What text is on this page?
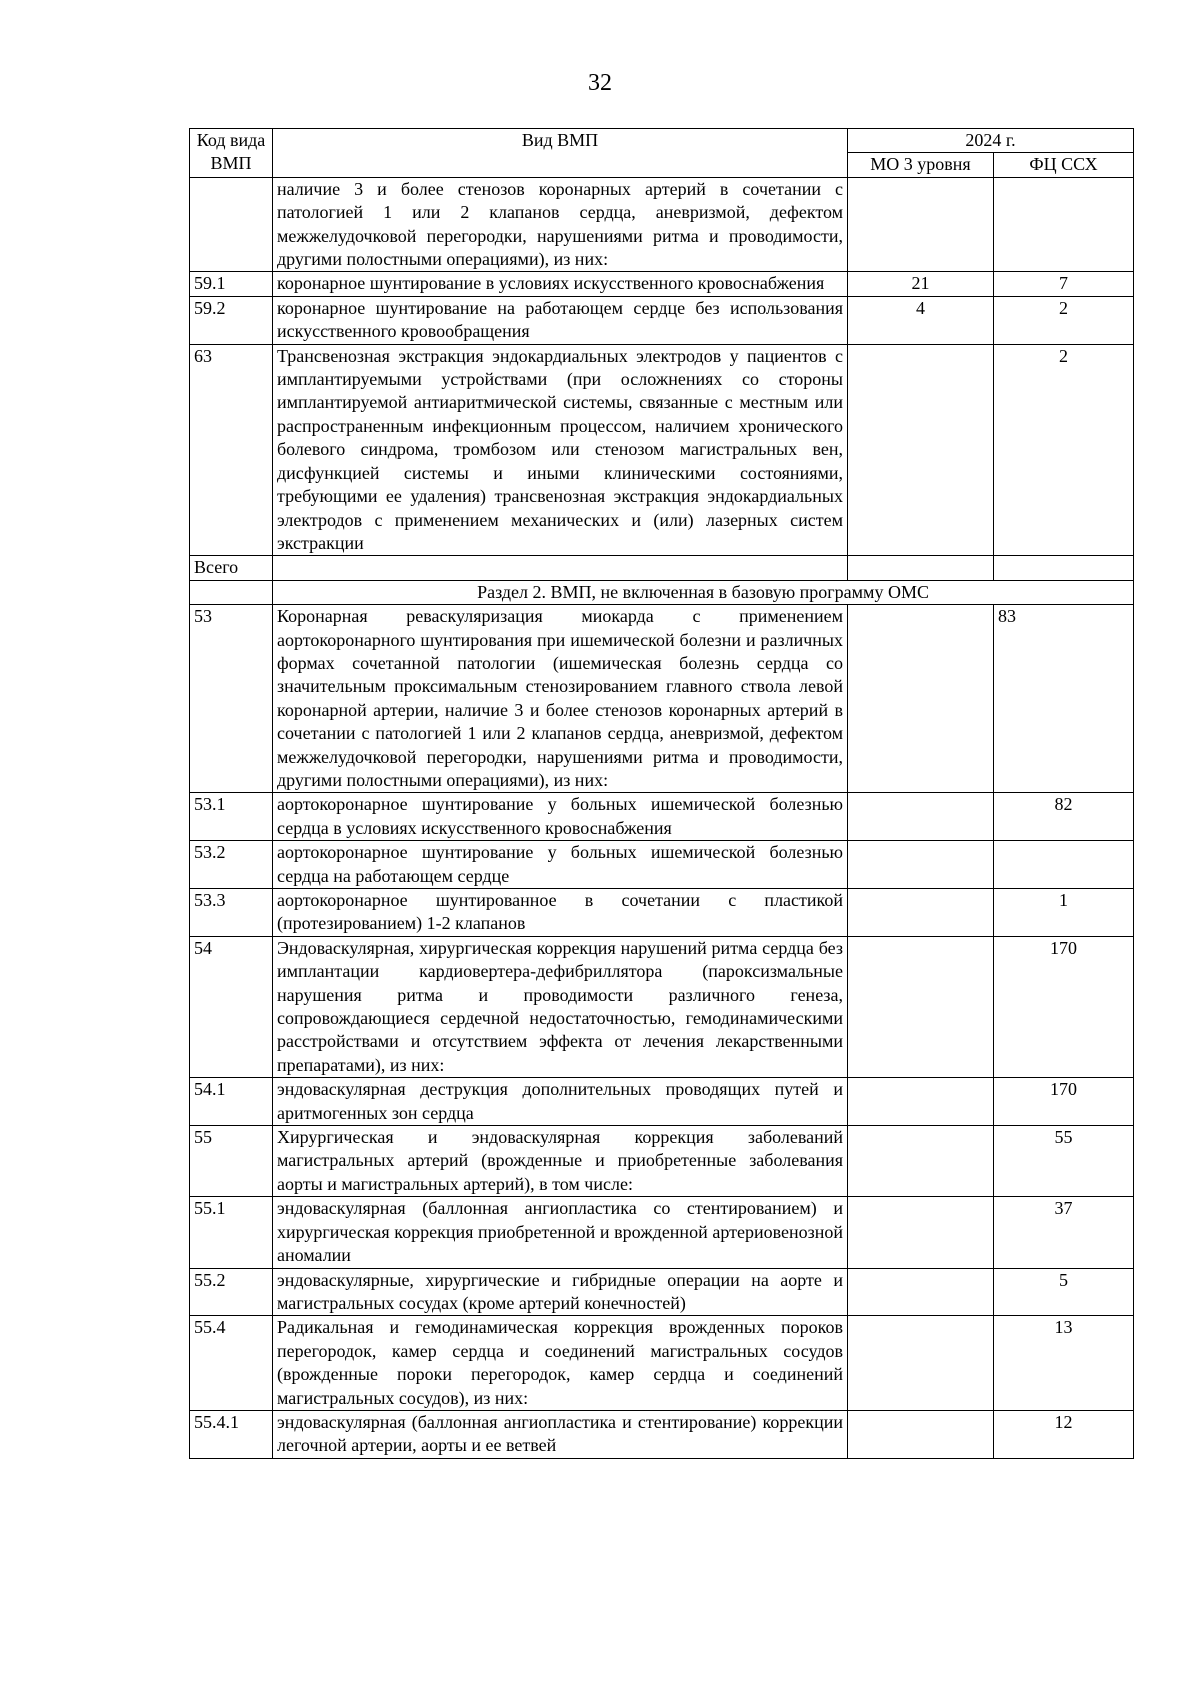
32
Код вида ВМП	Вид ВМП	2024 г.	
		МО 3 уровня	ФЦ ССХ
	наличие 3 и более стенозов коронарных артерий в сочетании с патологией 1 или 2 клапанов сердца, аневризмой, дефектом межжелудочковой перегородки, нарушениями ритма и проводимости, другими полостными операциями), из них:		
59.1	коронарное шунтирование в условиях искусственного кровоснабжения	21	7
59.2	коронарное шунтирование на работающем сердце без использования искусственного кровообращения	4	2
63	Трансвенозная экстракция эндокардиальных электродов у пациентов с имплантируемыми устройствами (при осложнениях со стороны имплантируемой антиаритмической системы, связанные с местным или распространенным инфекционным процессом, наличием хронического болевого синдрома, тромбозом или стенозом магистральных вен, дисфункцией системы и иными клиническими состояниями, требующими ее удаления) трансвенозная экстракция эндокардиальных электродов с применением механических и (или) лазерных систем экстракции		2
Всего			
	Раздел 2. ВМП, не включенная в базовую программу ОМС		
53	Коронарная реваскуляризация миокарда с применением аортокоронарного шунтирования при ишемической болезни и различных формах сочетанной патологии (ишемическая болезнь сердца со значительным проксимальным стенозированием главного ствола левой коронарной артерии, наличие 3 и более стенозов коронарных артерий в сочетании с патологией 1 или 2 клапанов сердца, аневризмой, дефектом межжелудочковой перегородки, нарушениями ритма и проводимости, другими полостными операциями), из них:		83
53.1	аортокоронарное шунтирование у больных ишемической болезнью сердца в условиях искусственного кровоснабжения		82
53.2	аортокоронарное шунтирование у больных ишемической болезнью сердца на работающем сердце		
53.3	аортокоронарное шунтированное в сочетании с пластикой (протезированием) 1-2 клапанов		1
54	Эндоваскулярная, хирургическая коррекция нарушений ритма сердца без имплантации кардиовертера-дефибриллятора (пароксизмальные нарушения ритма и проводимости различного генеза, сопровождающиеся сердечной недостаточностью, гемодинамическими расстройствами и отсутствием эффекта от лечения лекарственными препаратами), из них:		170
54.1	эндоваскулярная деструкция дополнительных проводящих путей и аритмогенных зон сердца		170
55	Хирургическая и эндоваскулярная коррекция заболеваний магистральных артерий (врожденные и приобретенные заболевания аорты и магистральных артерий), в том числе:		55
55.1	эндоваскулярная (баллонная ангиопластика со стентированием) и хирургическая коррекция приобретенной и врожденной артериовенозной аномалии		37
55.2	эндоваскулярные, хирургические и гибридные операции на аорте и магистральных сосудах (кроме артерий конечностей)		5
55.4	Радикальная и гемодинамическая коррекция врожденных пороков перегородок, камер сердца и соединений магистральных сосудов (врожденные пороки перегородок, камер сердца и соединений магистральных сосудов), из них:		13
55.4.1	эндоваскулярная (баллонная ангиопластика и стентирование) коррекции легочной артерии, аорты и ее ветвей		12
